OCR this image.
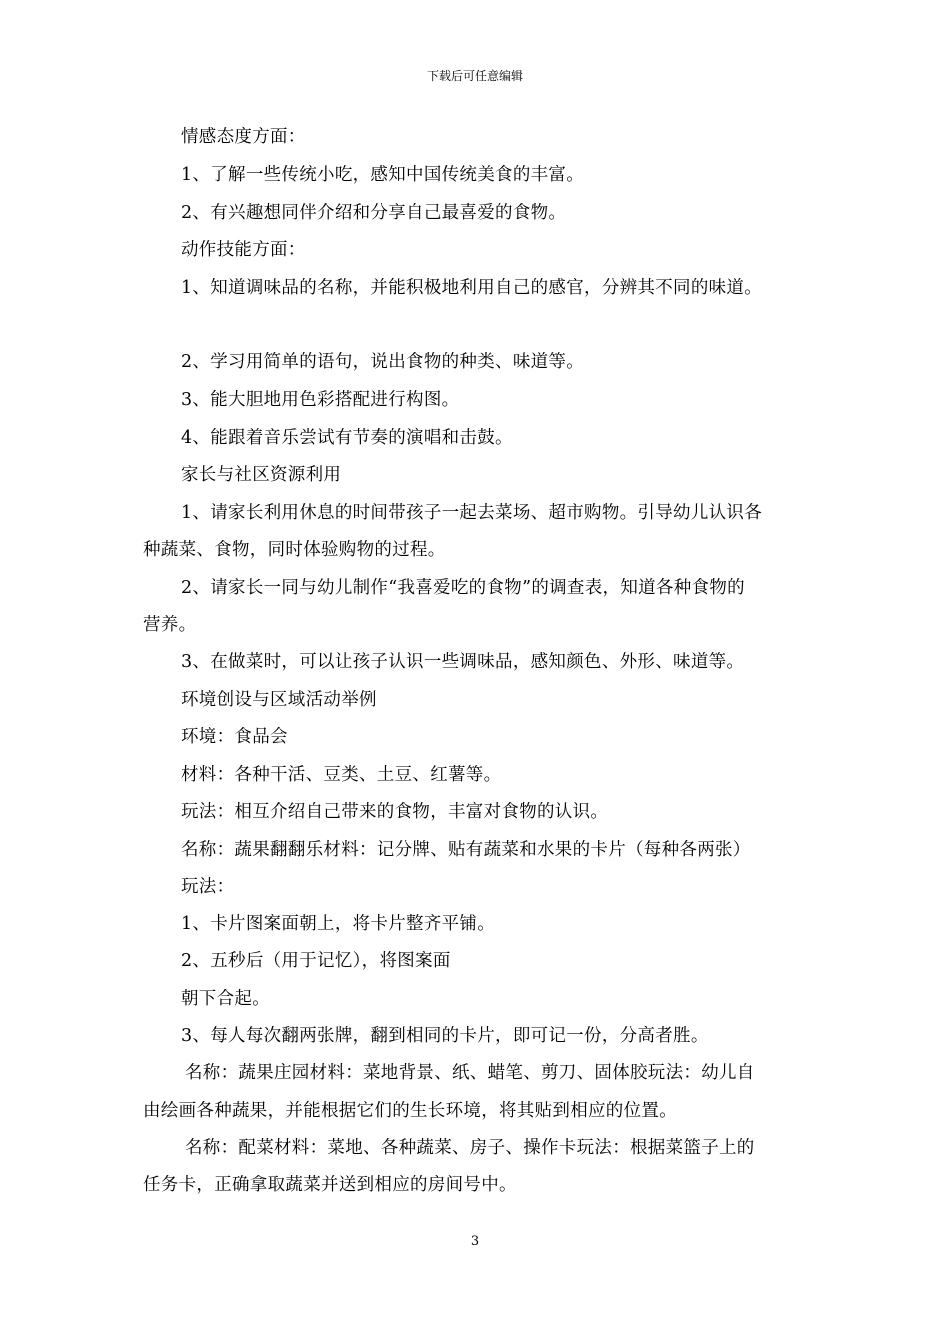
下载后可任意编辑
情感态度方面：
1、了解一些传统小吃，感知中国传统美食的丰富。
2、有兴趣想同伴介绍和分享自己最喜爱的食物。
动作技能方面：
1、知道调味品的名称，并能积极地利用自己的感官，分辨其不同的味道。
2、学习用简单的语句，说出食物的种类、味道等。
3、能大胆地用色彩搭配进行构图。
4、能跟着音乐尝试有节奏的演唱和击鼓。
家长与社区资源利用
1、请家长利用休息的时间带孩子一起去菜场、超市购物。引导幼儿认识各
种蔬菜、食物，同时体验购物的过程。
2、请家长一同与幼儿制作“我喜爱吃的食物”的调查表，知道各种食物的
营养。
3、在做菜时，可以让孩子认识一些调味品，感知颜色、外形、味道等。
环境创设与区域活动举例
环境：食品会
材料：各种干活、豆类、土豆、红薯等。
玩法：相互介绍自己带来的食物，丰富对食物的认识。
名称：蔬果翻翻乐材料：记分牌、贴有蔬菜和水果的卡片（每种各两张）
玩法：
1、卡片图案面朝上，将卡片整齐平铺。
2、五秒后（用于记忆），将图案面
朝下合起。
3、每人每次翻两张牌，翻到相同的卡片，即可记一份，分高者胜。
名称：蔬果庄园材料：菜地背景、纸、蜡笔、剪刀、固体胶玩法：幼儿自
由绘画各种蔬果，并能根据它们的生长环境，将其贴到相应的位置。
名称：配菜材料：菜地、各种蔬菜、房子、操作卡玩法：根据菜篮子上的
任务卡，正确拿取蔬菜并送到相应的房间号中。
3
